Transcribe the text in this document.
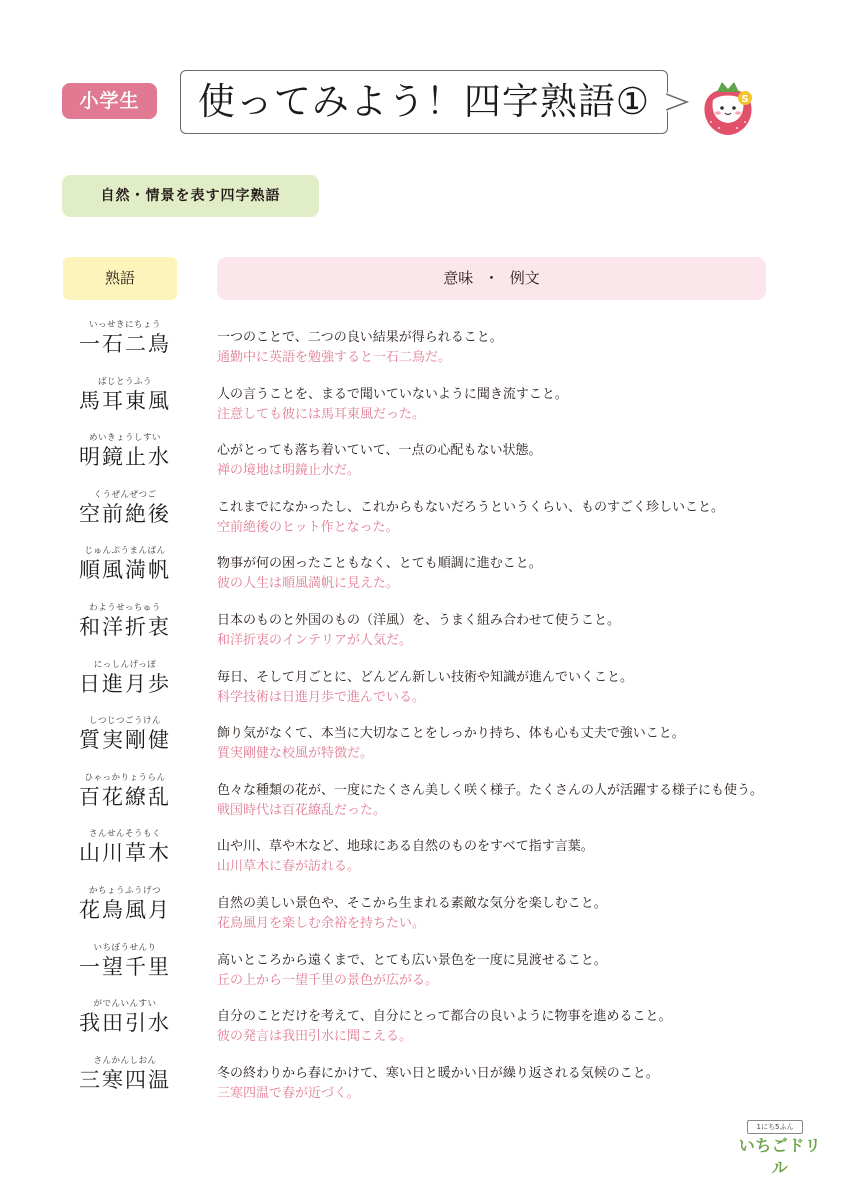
小学生	使ってみよう！四字熟語①	S
自然・情景を表す四字熟語
熟語	意味 ・ 例文
いっせきにちょう
一石二鳥	一つのことで、二つの良い結果が得られること。
通勤中に英語を勉強すると一石二鳥だ。
ばじとうふう
馬耳東風	人の言うことを、まるで聞いていないように聞き流すこと。
注意しても彼には馬耳東風だった。
めいきょうしすい
明鏡止水	心がとっても落ち着いていて、一点の心配もない状態。
禅の境地は明鏡止水だ。
くうぜんぜつご
空前絶後	これまでになかったし、これからもないだろうというくらい、ものすごく珍しいこと。
空前絶後のヒット作となった。
じゅんぷうまんぱん
順風満帆	物事が何の困ったこともなく、とても順調に進むこと。
彼の人生は順風満帆に見えた。
わようせっちゅう
和洋折衷	日本のものと外国のもの（洋風）を、うまく組み合わせて使うこと。
和洋折衷のインテリアが人気だ。
にっしんげっぽ
日進月歩	毎日、そして月ごとに、どんどん新しい技術や知識が進んでいくこと。
科学技術は日進月歩で進んでいる。
しつじつごうけん
質実剛健	飾り気がなくて、本当に大切なことをしっかり持ち、体も心も丈夫で強いこと。
質実剛健な校風が特徴だ。
ひゃっかりょうらん
百花繚乱	色々な種類の花が、一度にたくさん美しく咲く様子。たくさんの人が活躍する様子にも使う。
戦国時代は百花繚乱だった。
さんせんそうもく
山川草木	山や川、草や木など、地球にある自然のものをすべて指す言葉。
山川草木に春が訪れる。
かちょうふうげつ
花鳥風月	自然の美しい景色や、そこから生まれる素敵な気分を楽しむこと。
花鳥風月を楽しむ余裕を持ちたい。
いちぼうせんり
一望千里	高いところから遠くまで、とても広い景色を一度に見渡せること。
丘の上から一望千里の景色が広がる。
がでんいんすい
我田引水	自分のことだけを考えて、自分にとって都合の良いように物事を進めること。
彼の発言は我田引水に聞こえる。
さんかんしおん
三寒四温	冬の終わりから春にかけて、寒い日と暖かい日が繰り返される気候のこと。
三寒四温で春が近づく。
1にち5ふん
いちごドリル
